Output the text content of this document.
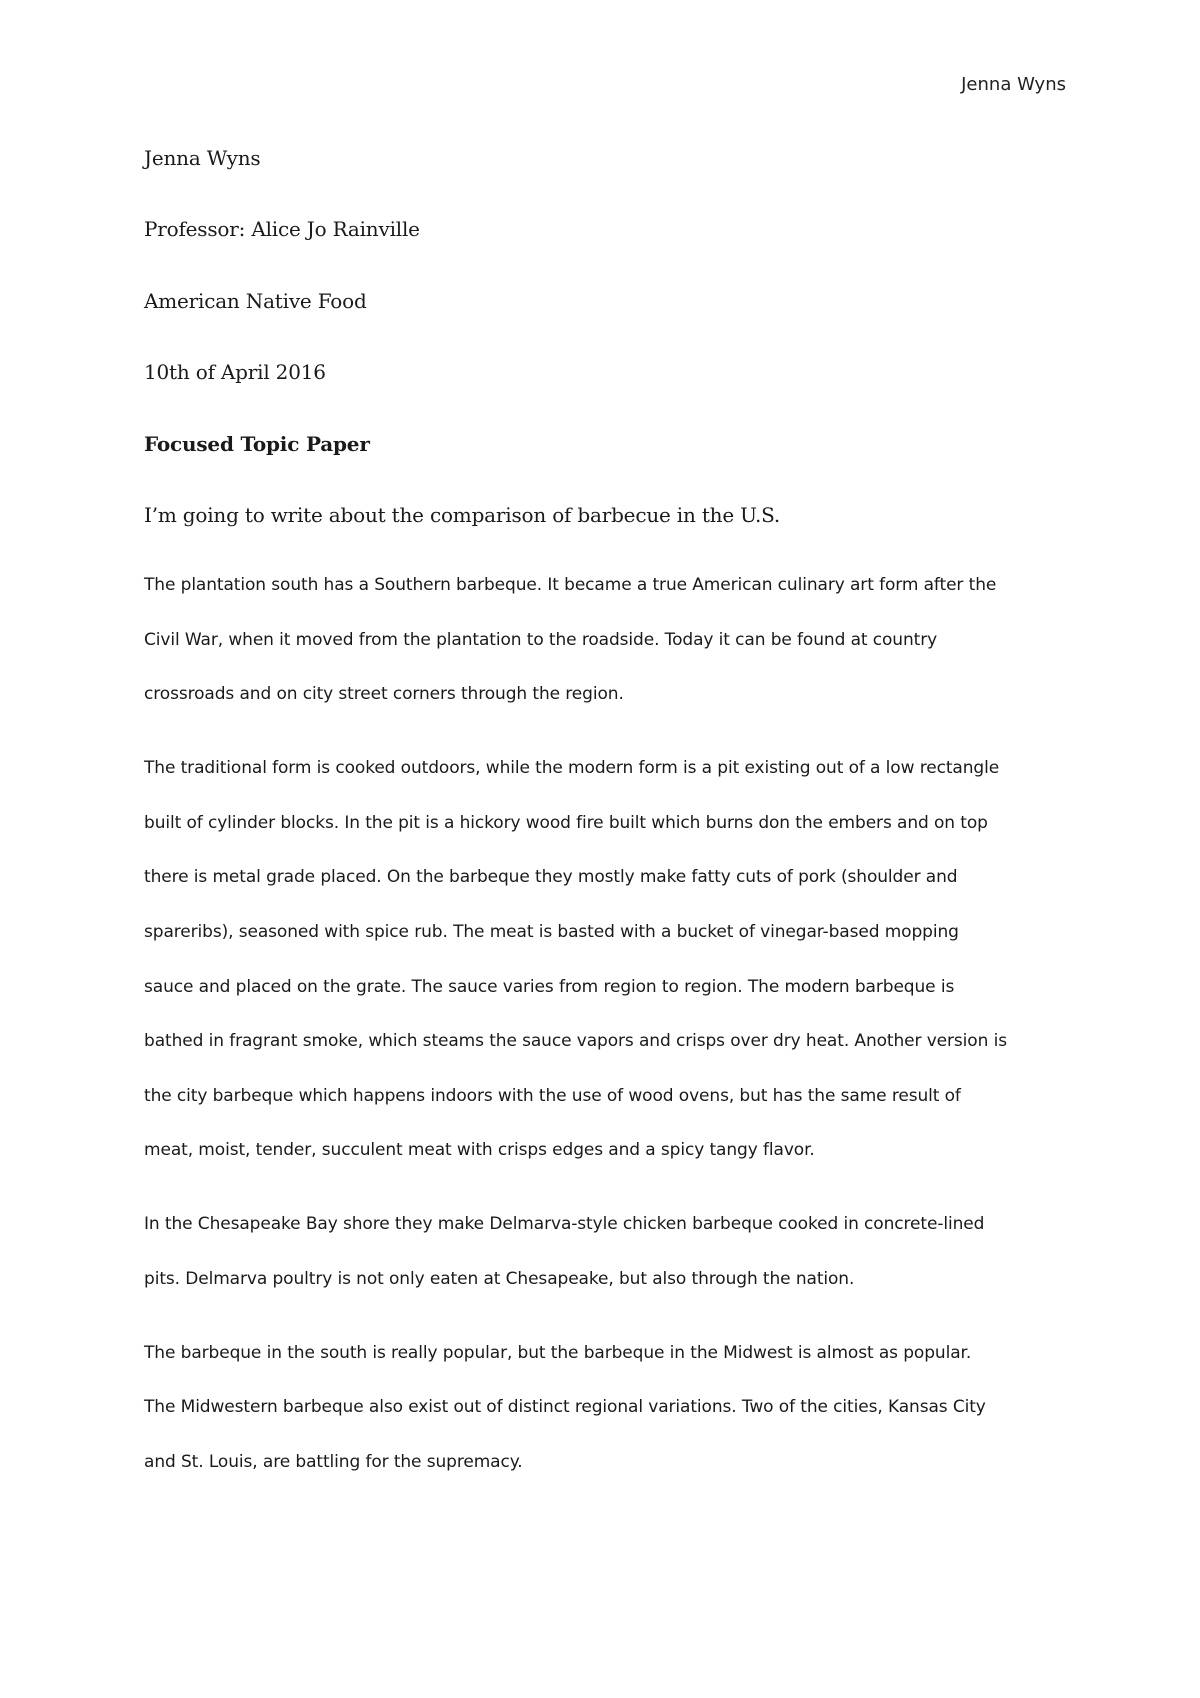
Jenna Wyns
Jenna Wyns
Professor: Alice Jo Rainville
American Native Food
10th of April 2016
Focused Topic Paper
I’m going to write about the comparison of barbecue in the U.S.
The plantation south has a Southern barbeque. It became a true American culinary art form after the
Civil War, when it moved from the plantation to the roadside. Today it can be found at country
crossroads and on city street corners through the region.
The traditional form is cooked outdoors, while the modern form is a pit existing out of a low rectangle
built of cylinder blocks. In the pit is a hickory wood fire built which burns don the embers and on top
there is metal grade placed. On the barbeque they mostly make fatty cuts of pork (shoulder and
spareribs), seasoned with spice rub. The meat is basted with a bucket of vinegar-based mopping
sauce and placed on the grate. The sauce varies from region to region. The modern barbeque is
bathed in fragrant smoke, which steams the sauce vapors and crisps over dry heat. Another version is
the city barbeque which happens indoors with the use of wood ovens, but has the same result of
meat, moist, tender, succulent meat with crisps edges and a spicy tangy flavor.
In the Chesapeake Bay shore they make Delmarva-style chicken barbeque cooked in concrete-lined
pits. Delmarva poultry is not only eaten at Chesapeake, but also through the nation.
The barbeque in the south is really popular, but the barbeque in the Midwest is almost as popular.
The Midwestern barbeque also exist out of distinct regional variations. Two of the cities, Kansas City
and St. Louis, are battling for the supremacy.
